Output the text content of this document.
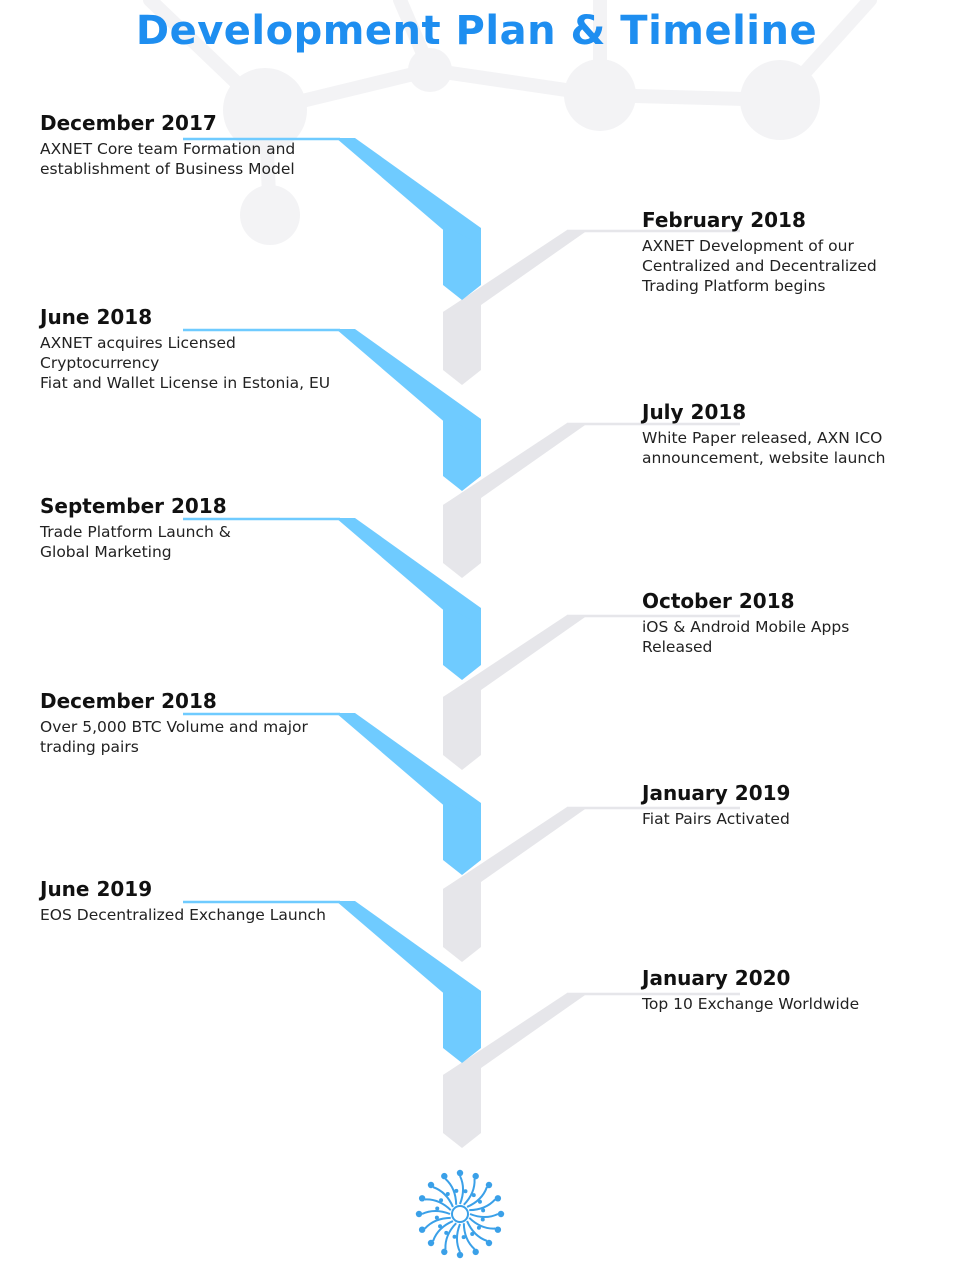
Development Plan & Timeline

December 2017

AXNET Core team Formation and
establishment of Business Model

June 2018

AXNET acquires Licensed Cryptocurrency
Fiat and Wallet License in Estonia, EU

September 2018

Trade Platform Launch &
Global Marketing

December 2018

Over 5,000 BTC Volume and major
trading pairs

June 2019

EOS Decentralized Exchange Launch

February 2018

AXNET Development of our
Centralized and Decentralized
Trading Platform begins

July 2018

White Paper released, AXN ICO
announcement, website launch

October 2018

iOS & Android Mobile Apps
Released

January 2019

Fiat Pairs Activated

January 2020

Top 10 Exchange Worldwide
